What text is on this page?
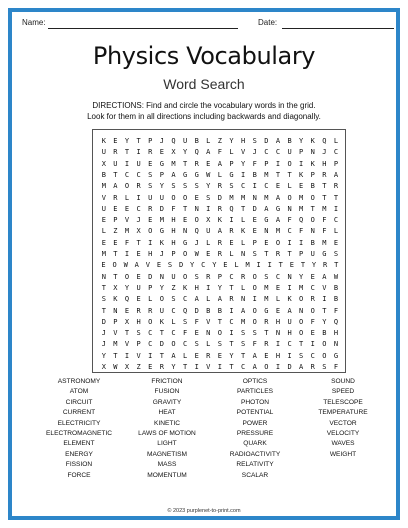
Name:	Date:
Physics Vocabulary
Word Search
DIRECTIONS: Find and circle the vocabulary words in the grid.
Look for them in all directions including backwards and diagonally.
K	E	Y	T	P	J	Q	U	B	L	Z	Y	H	S	D	A	B	Y	K	Q	L
U	R	T	I	R	E	X	Y	Q	A	F	L	V	J	C	C	U	P	N	J	C
X	U	I	U	E	G	M	T	R	E	A	P	Y	F	P	I	O	I	K	H	P
B	T	C	C	S	P	A	G	G	W	L	G	I	B	M	T	T	K	P	R	A
M	A	O	R	S	Y	S	S	S	Y	R	S	C	I	C	E	L	E	B	T	R
V	R	L	I	U	U	O	O	E	S	D	M	M	N	M	A	O	M	O	T	T
U	E	E	C	R	D	F	T	N	I	R	Q	T	D	A	G	N	M	T	M	I
E	P	V	J	E	M	H	E	O	X	K	I	L	E	G	A	F	Q	O	F	C
L	Z	M	X	O	G	H	N	Q	U	A	R	K	E	N	M	C	F	N	F	L
E	E	F	T	I	K	H	G	J	L	R	E	L	P	E	O	I	I	B	M	E
M	T	I	E	H	J	P	O	W	E	R	L	N	S	T	R	T	P	U	G	S
E O W A V E S D Y C Y E L M I I T E T Y R T
N	T	O	E	D	N	U	O	S	R	P	C	R	O	S	C	N	Y	E	A	W
T	X	Y	U	P	Y	Z	K	H	I	Y	T	L	O	M	E	I	M	C	V	B
S	K	Q	E	L	O	S	C	A	L	A	R	N	I	M	L	K	O	R	I	B
T	N	E	R	R	U	C	Q	D	B	B	I	A	O	G	E	A	N	O	T	F
D	P	X	H	O	K	L	S	F	V	T	C	M	O	R	H	U	O	F	Y	Q
J	V	T	S	C	T	C	F	E	N	O	I	S	S	T	N	H	O	E	B	H
J	M	V	P	C	D	O	C	S	L	S	T	S	F	R	I	C	T	I	O	N
Y	T	I	V	I	T	A	L	E	R	E	Y	T	A	E	H	I	S	C	O	G
X	W	X	Z	E	R	Y	T	I	V	I	T	C	A	O	I	D	A	R	S	F
ASTRONOMY
ATOM
CIRCUIT
CURRENT
ELECTRICITY
ELECTROMAGNETIC
ELEMENT
ENERGY
FISSION
FORCE
FRICTION
FUSION
GRAVITY
HEAT
KINETIC
LAWS OF MOTION
LIGHT
MAGNETISM
MASS
MOMENTUM
OPTICS
PARTICLES
PHOTON
POTENTIAL
POWER
PRESSURE
QUARK
RADIOACTIVITY
RELATIVITY
SCALAR
SOUND
SPEED
TELESCOPE
TEMPERATURE
VECTOR
VELOCITY
WAVES
WEIGHT
© 2023 purplenet-to-print.com
